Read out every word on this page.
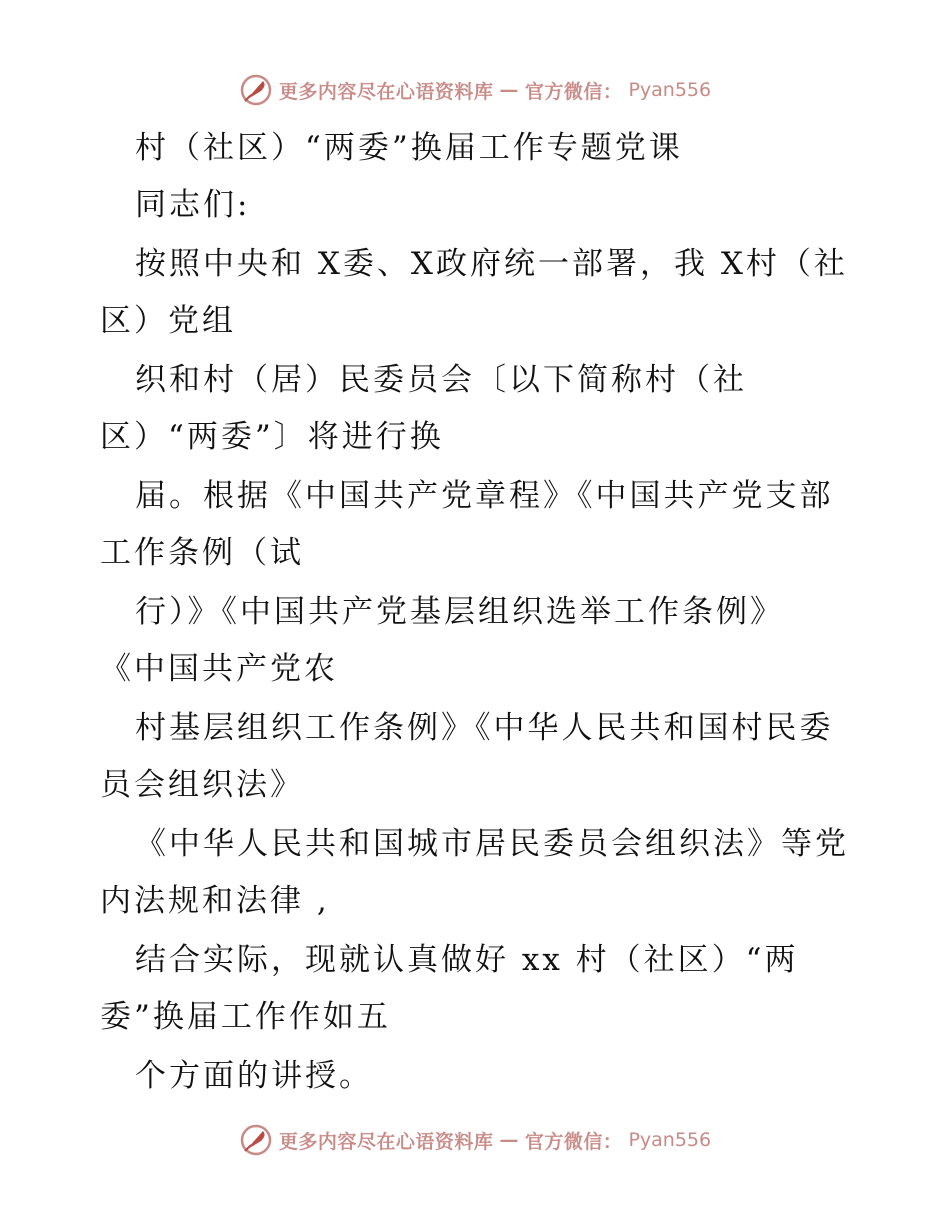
更多内容尽在心语资料库 — 官方微信： Pyan556
村（社区）“两委”换届工作专题党课
同志们:
按照中央和 X委、X政府统一部署，我 X村（社
区）党组
织和村（居）民委员会〔以下简称村（社
区）“两委”〕将进行换
届。根据《中国共产党章程》《中国共产党支部
工作条例（试
行）》《中国共产党基层组织选举工作条例》
《中国共产党农
村基层组织工作条例》《中华人民共和国村民委
员会组织法》
《中华人民共和国城市居民委员会组织法》等党
内法规和法律 ,
结合实际，现就认真做好 xx 村（社区）“两
委”换届工作作如五
个方面的讲授。
更多内容尽在心语资料库 — 官方微信： Pyan556
